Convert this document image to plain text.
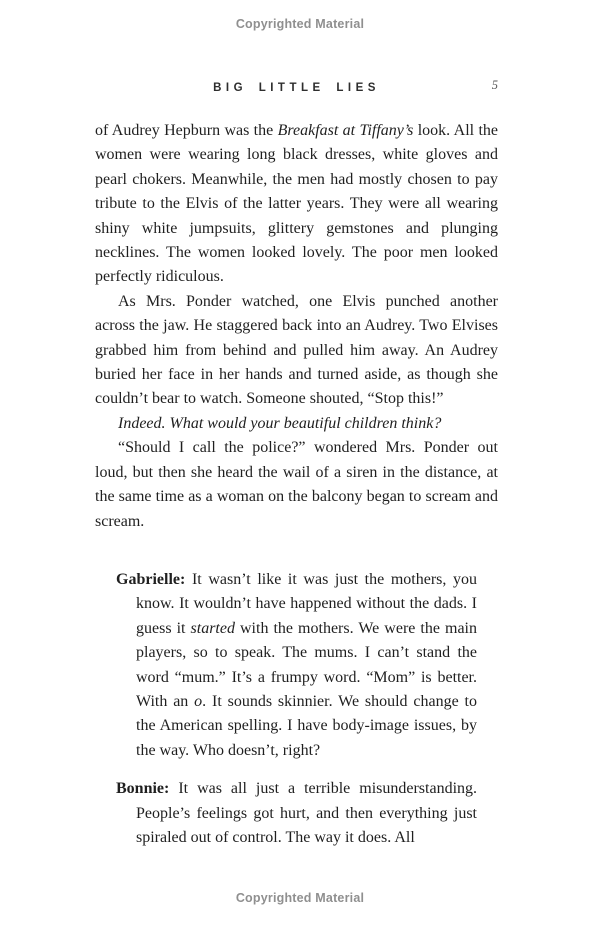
Copyrighted Material
BIG LITTLE LIES	5

of Audrey Hepburn was the Breakfast at Tiffany’s look. All the women were wearing long black dresses, white gloves and pearl chokers. Meanwhile, the men had mostly chosen to pay tribute to the Elvis of the latter years. They were all wearing shiny white jumpsuits, glittery gemstones and plunging necklines. The women looked lovely. The poor men looked perfectly ridiculous.

As Mrs. Ponder watched, one Elvis punched another across the jaw. He staggered back into an Audrey. Two Elvises grabbed him from behind and pulled him away. An Audrey buried her face in her hands and turned aside, as though she couldn’t bear to watch. Someone shouted, “Stop this!”

Indeed. What would your beautiful children think?

“Should I call the police?” wondered Mrs. Ponder out loud, but then she heard the wail of a siren in the distance, at the same time as a woman on the balcony began to scream and scream.

Gabrielle: It wasn’t like it was just the mothers, you know. It wouldn’t have happened without the dads. I guess it started with the mothers. We were the main players, so to speak. The mums. I can’t stand the word “mum.” It’s a frumpy word. “Mom” is better. With an o. It sounds skinnier. We should change to the American spelling. I have body-image issues, by the way. Who doesn’t, right?

Bonnie: It was all just a terrible misunderstanding. People’s feelings got hurt, and then everything just spiraled out of control. The way it does. All

Copyrighted Material
